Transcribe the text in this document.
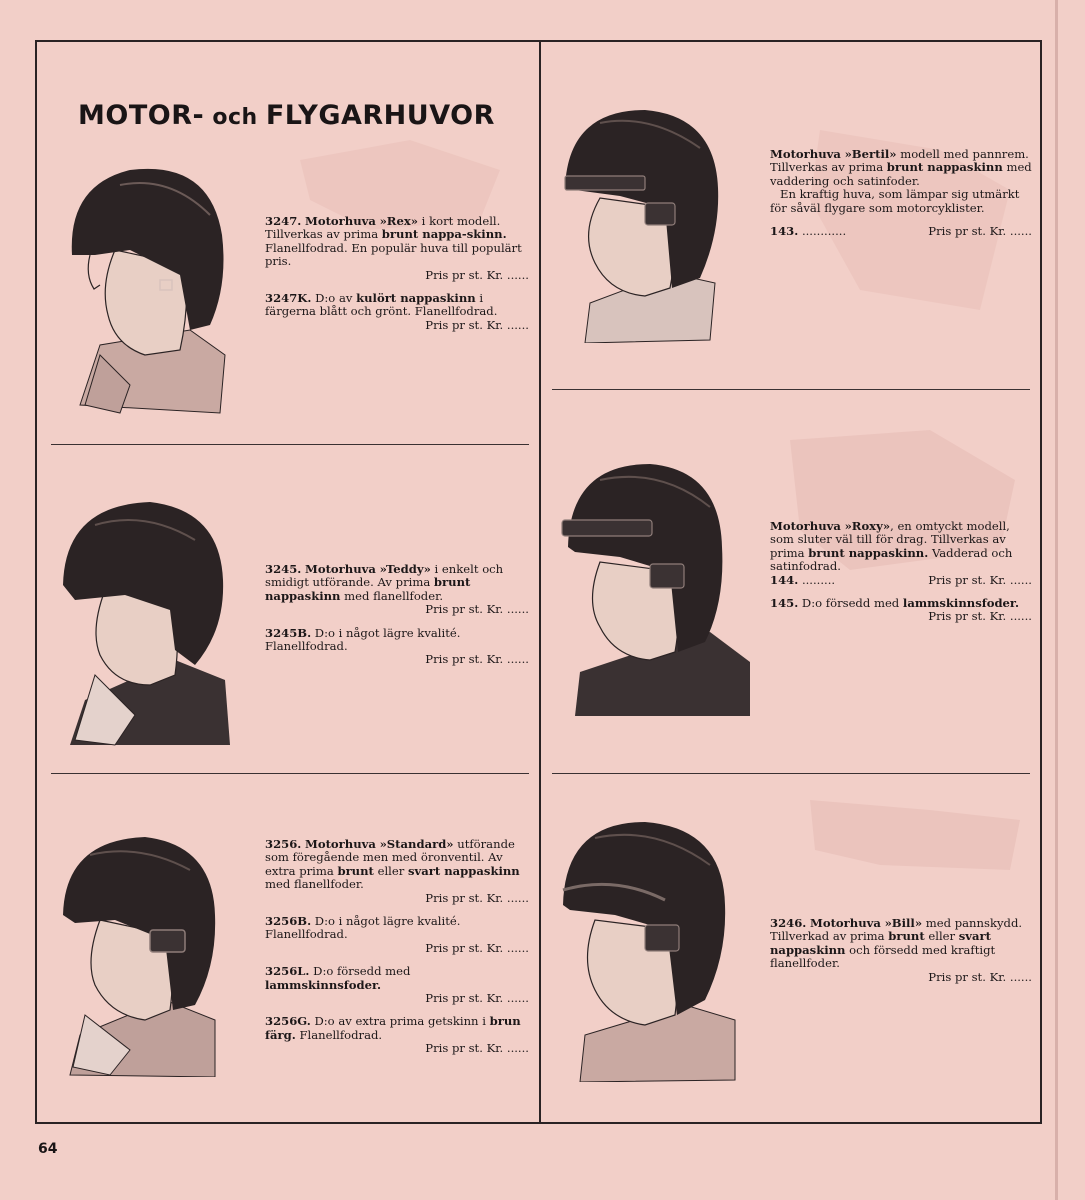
MOTOR- och FLYGARHUVOR

3247. Motorhuva »Rex» i kort modell. Tillverkas av prima brunt nappa-skinn. Flanellfodrad. En populär huva till populärt pris.

Pris pr st. Kr. ......

3247K. D:o av kulört nappaskinn i färgerna blått och grönt. Flanellfodrad.

Pris pr st. Kr. ......

3245. Motorhuva »Teddy» i enkelt och smidigt utförande. Av prima brunt nappaskinn med flanellfoder.

Pris pr st. Kr. ......

3245B. D:o i något lägre kvalité. Flanellfodrad.

Pris pr st. Kr. ......

3256. Motorhuva »Standard» utförande som föregående men med öronventil. Av extra prima brunt eller svart nappaskinn med flanellfoder.

Pris pr st. Kr. ......

3256B. D:o i något lägre kvalité. Flanellfodrad.

Pris pr st. Kr. ......

3256L. D:o försedd med lammskinnsfoder.

Pris pr st. Kr. ......

3256G. D:o av extra prima getskinn i brun färg. Flanellfodrad.

Pris pr st. Kr. ......

Motorhuva »Bertil» modell med pannrem. Tillverkas av prima brunt nappaskinn med vaddering och satinfoder.

En kraftig huva, som lämpar sig utmärkt för såväl flygare som motorcyklister.

143. ............	Pris pr st. Kr. ......

Motorhuva »Roxy», en omtyckt modell, som sluter väl till för drag. Tillverkas av prima brunt nappaskinn. Vadderad och satinfodrad.

144. .........	Pris pr st. Kr. ......

145. D:o försedd med lammskinnsfoder.

Pris pr st. Kr. ......

3246. Motorhuva »Bill» med pannskydd. Tillverkad av prima brunt eller svart nappaskinn och försedd med kraftigt flanellfoder.

Pris pr st. Kr. ......

64
